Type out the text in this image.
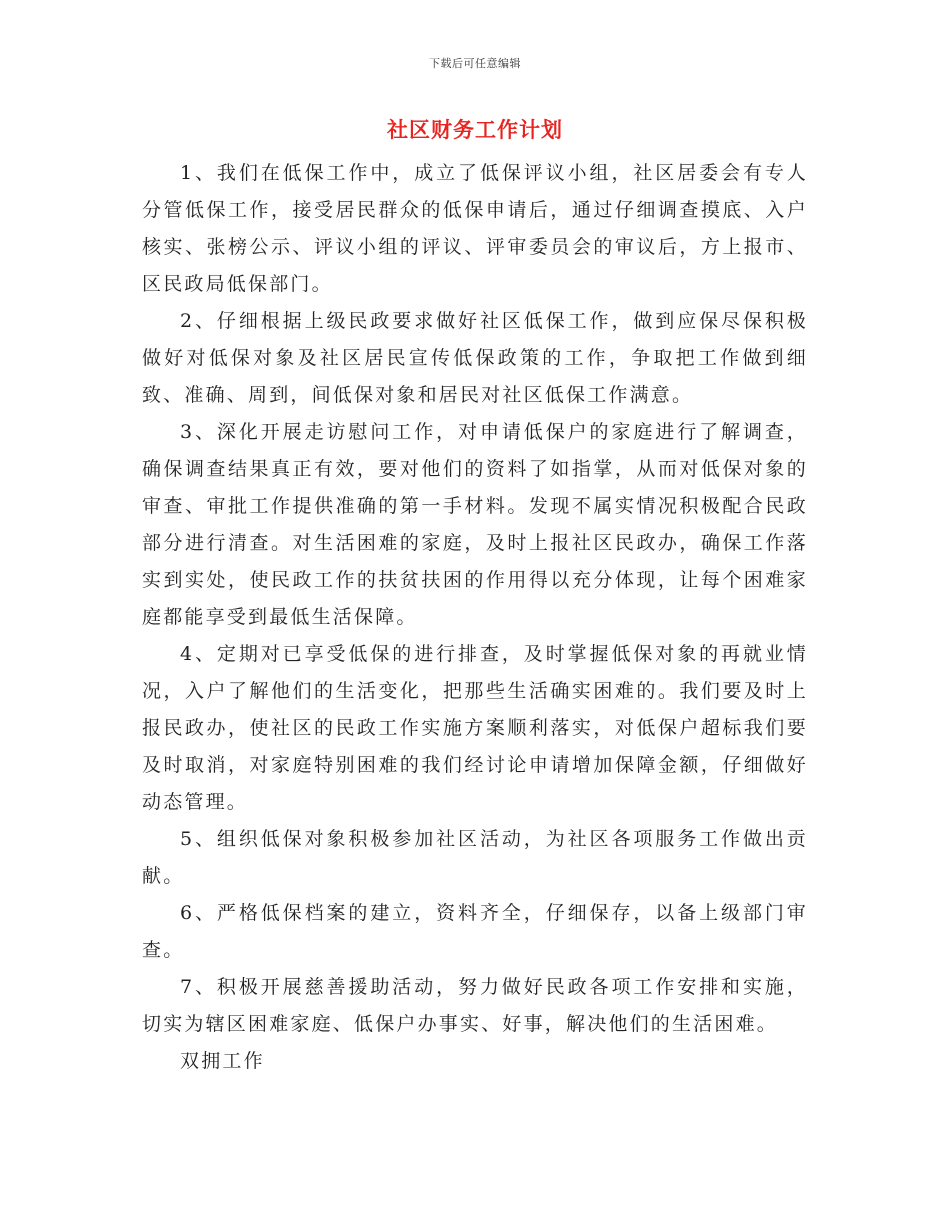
下载后可任意编辑
社区财务工作计划

1、我们在低保工作中，成立了低保评议小组，社区居委会有专人分管低保工作，接受居民群众的低保申请后，通过仔细调查摸底、入户核实、张榜公示、评议小组的评议、评审委员会的审议后，方上报市、区民政局低保部门。

2、仔细根据上级民政要求做好社区低保工作，做到应保尽保积极做好对低保对象及社区居民宣传低保政策的工作，争取把工作做到细致、准确、周到，间低保对象和居民对社区低保工作满意。

3、深化开展走访慰问工作，对申请低保户的家庭进行了解调查，确保调查结果真正有效，要对他们的资料了如指掌，从而对低保对象的审查、审批工作提供准确的第一手材料。发现不属实情况积极配合民政部分进行清查。对生活困难的家庭，及时上报社区民政办，确保工作落实到实处，使民政工作的扶贫扶困的作用得以充分体现，让每个困难家庭都能享受到最低生活保障。

4、定期对已享受低保的进行排查，及时掌握低保对象的再就业情况，入户了解他们的生活变化，把那些生活确实困难的。我们要及时上报民政办，使社区的民政工作实施方案顺利落实，对低保户超标我们要及时取消，对家庭特别困难的我们经讨论申请增加保障金额，仔细做好动态管理。

5、组织低保对象积极参加社区活动，为社区各项服务工作做出贡献。

6、严格低保档案的建立，资料齐全，仔细保存，以备上级部门审查。

7、积极开展慈善援助活动，努力做好民政各项工作安排和实施，切实为辖区困难家庭、低保户办事实、好事，解决他们的生活困难。

双拥工作
